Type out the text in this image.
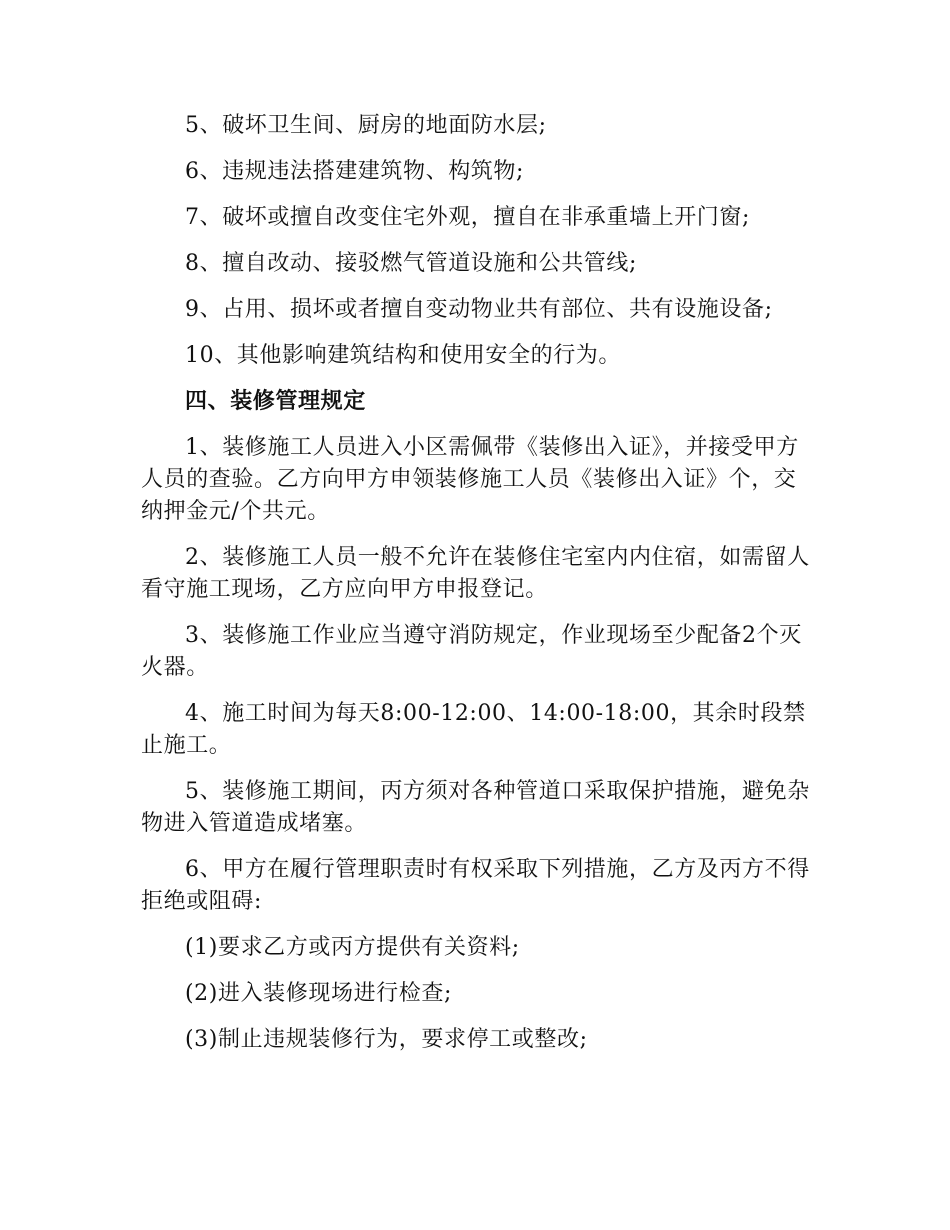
5、破坏卫生间、厨房的地面防水层;

6、违规违法搭建建筑物、构筑物;

7、破坏或擅自改变住宅外观，擅自在非承重墙上开门窗;

8、擅自改动、接驳燃气管道设施和公共管线;

9、占用、损坏或者擅自变动物业共有部位、共有设施设备;

10、其他影响建筑结构和使用安全的行为。

四、装修管理规定

1、装修施工人员进入小区需佩带《装修出入证》，并接受甲方人员的查验。乙方向甲方申领装修施工人员《装修出入证》个，交纳押金元/个共元。

2、装修施工人员一般不允许在装修住宅室内内住宿，如需留人看守施工现场，乙方应向甲方申报登记。

3、装修施工作业应当遵守消防规定，作业现场至少配备2个灭火器。

4、施工时间为每天8:00-12:00、14:00-18:00，其余时段禁止施工。

5、装修施工期间，丙方须对各种管道口采取保护措施，避免杂物进入管道造成堵塞。

6、甲方在履行管理职责时有权采取下列措施，乙方及丙方不得拒绝或阻碍:

(1)要求乙方或丙方提供有关资料;

(2)进入装修现场进行检查;

(3)制止违规装修行为，要求停工或整改;
